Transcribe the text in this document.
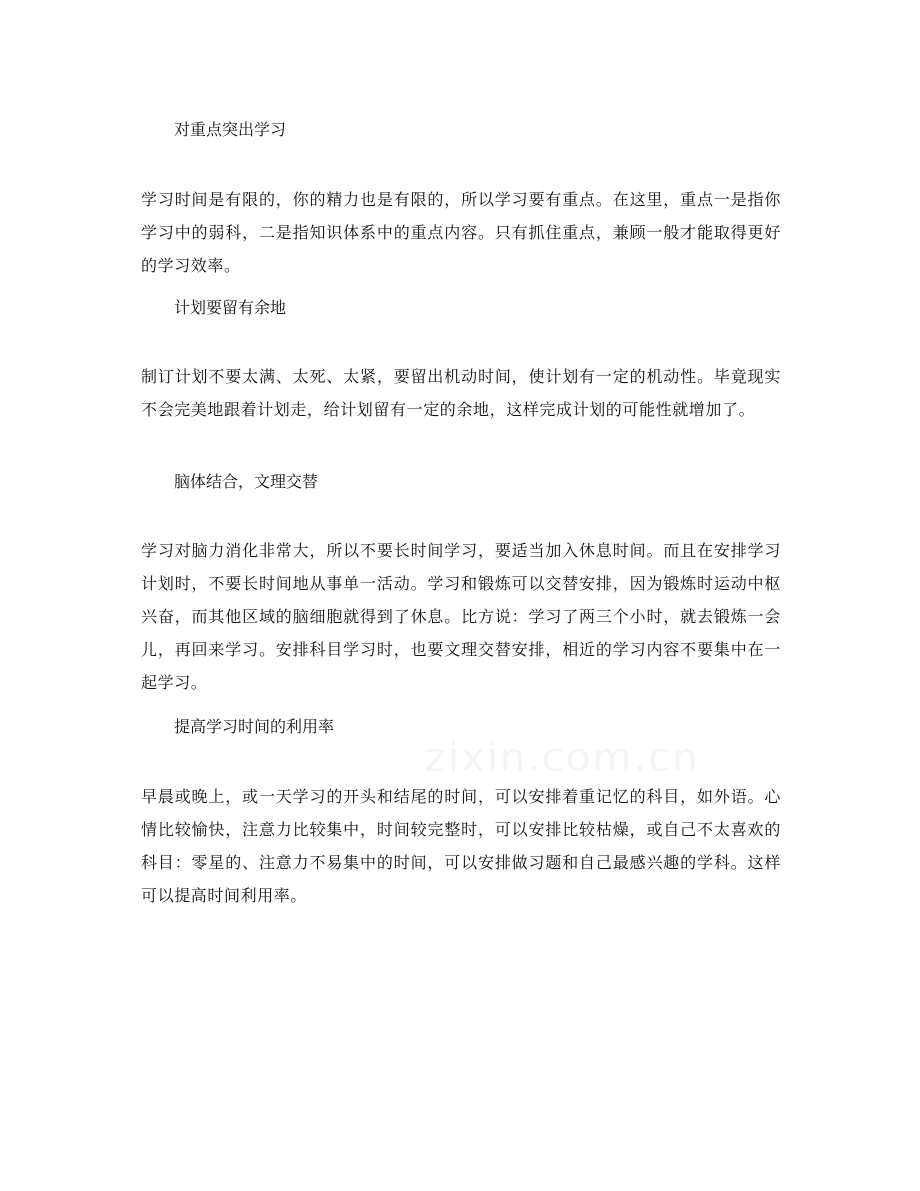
对重点突出学习
学习时间是有限的，你的精力也是有限的，所以学习要有重点。在这里，重点一是指你学习中的弱科，二是指知识体系中的重点内容。只有抓住重点，兼顾一般才能取得更好的学习效率。
计划要留有余地
制订计划不要太满、太死、太紧，要留出机动时间，使计划有一定的机动性。毕竟现实不会完美地跟着计划走，给计划留有一定的余地，这样完成计划的可能性就增加了。
脑体结合，文理交替
学习对脑力消化非常大，所以不要长时间学习，要适当加入休息时间。而且在安排学习计划时，不要长时间地从事单一活动。学习和锻炼可以交替安排，因为锻炼时运动中枢兴奋，而其他区域的脑细胞就得到了休息。比方说：学习了两三个小时，就去锻炼一会儿，再回来学习。安排科目学习时，也要文理交替安排，相近的学习内容不要集中在一起学习。
提高学习时间的利用率
早晨或晚上，或一天学习的开头和结尾的时间，可以安排着重记忆的科目，如外语。心情比较愉快，注意力比较集中，时间较完整时，可以安排比较枯燥，或自己不太喜欢的科目：零星的、注意力不易集中的时间，可以安排做习题和自己最感兴趣的学科。这样可以提高时间利用率。
